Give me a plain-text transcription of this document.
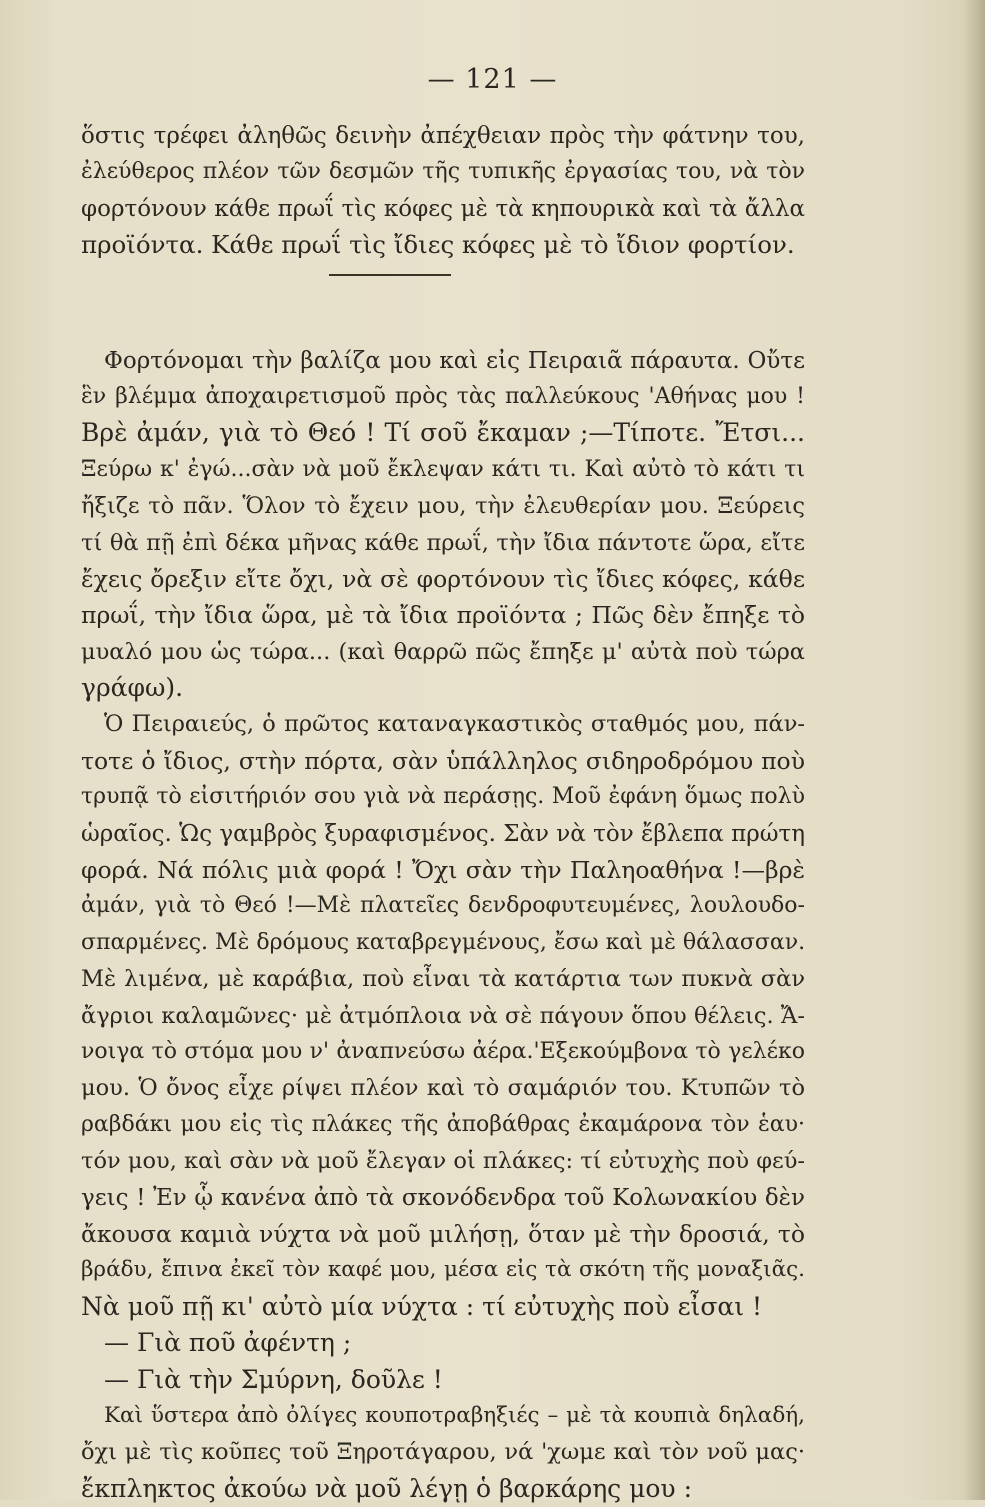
— 121 —
ὅστις τρέφει ἀληθῶς δεινὴν ἀπέχθειαν πρὸς τὴν φάτνην του,
ἐλεύθερος πλέον τῶν δεσμῶν τῆς τυπικῆς ἐργασίας του, νὰ τὸν
φορτόνουν κάθε πρωΐ τὶς κόφες μὲ τὰ κηπουρικὰ καὶ τὰ ἄλλα
προϊόντα. Κάθε πρωΐ τὶς ἴδιες κόφες μὲ τὸ ἴδιον φορτίον.
Φορτόνομαι τὴν βαλίζα μου καὶ εἰς Πειραιᾶ πάραυτα. Οὔτε
ἓν βλέμμα ἀποχαιρετισμοῦ πρὸς τὰς παλλεύκους 'Αθήνας μου !
Βρὲ ἀμάν, γιὰ τὸ Θεό ! Τί σοῦ ἔκαμαν ;—Τίποτε. Ἔτσι...
Ξεύρω κ' ἐγώ...σὰν νὰ μοῦ ἔκλεψαν κάτι τι. Καὶ αὐτὸ τὸ κάτι τι
ἤξιζε τὸ πᾶν. Ὅλον τὸ ἔχειν μου, τὴν ἐλευθερίαν μου. Ξεύρεις
τί θὰ πῇ ἐπὶ δέκα μῆνας κάθε πρωΐ, τὴν ἴδια πάντοτε ὥρα, εἴτε
ἔχεις ὄρεξιν εἴτε ὄχι, νὰ σὲ φορτόνουν τὶς ἴδιες κόφες, κάθε
πρωΐ, τὴν ἴδια ὥρα, μὲ τὰ ἴδια προϊόντα ; Πῶς δὲν ἔπηξε τὸ
μυαλό μου ὡς τώρα... (καὶ θαρρῶ πῶς ἔπηξε μ' αὐτὰ ποὺ τώρα
γράφω).
Ὁ Πειραιεύς, ὁ πρῶτος καταναγκαστικὸς σταθμός μου, πάν-
τοτε ὁ ἴδιος, στὴν πόρτα, σὰν ὑπάλληλος σιδηροδρόμου ποὺ
τρυπᾷ τὸ εἰσιτήριόν σου γιὰ νὰ περάσῃς. Μοῦ ἐφάνη ὅμως πολὺ
ὡραῖος. Ὡς γαμβρὸς ξυραφισμένος. Σὰν νὰ τὸν ἔβλεπα πρώτη
φορά. Νά πόλις μιὰ φορά ! Ὄχι σὰν τὴν Παληοαθήνα !—βρὲ
ἀμάν, γιὰ τὸ Θεό !—Μὲ πλατεῖες δενδροφυτευμένες, λουλουδο-
σπαρμένες. Μὲ δρόμους καταβρεγμένους, ἔσω καὶ μὲ θάλασσαν.
Μὲ λιμένα, μὲ καράβια, ποὺ εἶναι τὰ κατάρτια των πυκνὰ σὰν
ἄγριοι καλαμῶνες· μὲ ἀτμόπλοια νὰ σὲ πάγουν ὅπου θέλεις. Ἄ-
νοιγα τὸ στόμα μου ν' ἀναπνεύσω ἀέρα.'Εξεκούμβονα τὸ γελέκο
μου. Ὁ ὄνος εἶχε ρίψει πλέον καὶ τὸ σαμάριόν του. Κτυπῶν τὸ
ραβδάκι μου εἰς τὶς πλάκες τῆς ἀποβάθρας ἐκαμάρονα τὸν ἑαυ·
τόν μου, καὶ σὰν νὰ μοῦ ἔλεγαν οἱ πλάκες: τί εὐτυχὴς ποὺ φεύ-
γεις ! Ἐν ᾧ κανένα ἀπὸ τὰ σκονόδενδρα τοῦ Κολωνακίου δὲν
ἄκουσα καμιὰ νύχτα νὰ μοῦ μιλήσῃ, ὅταν μὲ τὴν δροσιά, τὸ
βράδυ, ἔπινα ἐκεῖ τὸν καφέ μου, μέσα εἰς τὰ σκότη τῆς μοναξιᾶς.
Νὰ μοῦ πῇ κι' αὐτὸ μία νύχτα : τί εὐτυχὴς ποὺ εἶσαι !
— Γιὰ ποῦ ἀφέντη ;
— Γιὰ τὴν Σμύρνη, δοῦλε !
Καὶ ὕστερα ἀπὸ ὀλίγες κουποτραβηξιές – μὲ τὰ κουπιὰ δηλαδή,
ὄχι μὲ τὶς κοῦπες τοῦ Ξηροτάγαρου, νά 'χωμε καὶ τὸν νοῦ μας·
ἔκπληκτος ἀκούω νὰ μοῦ λέγῃ ὁ βαρκάρης μου :
